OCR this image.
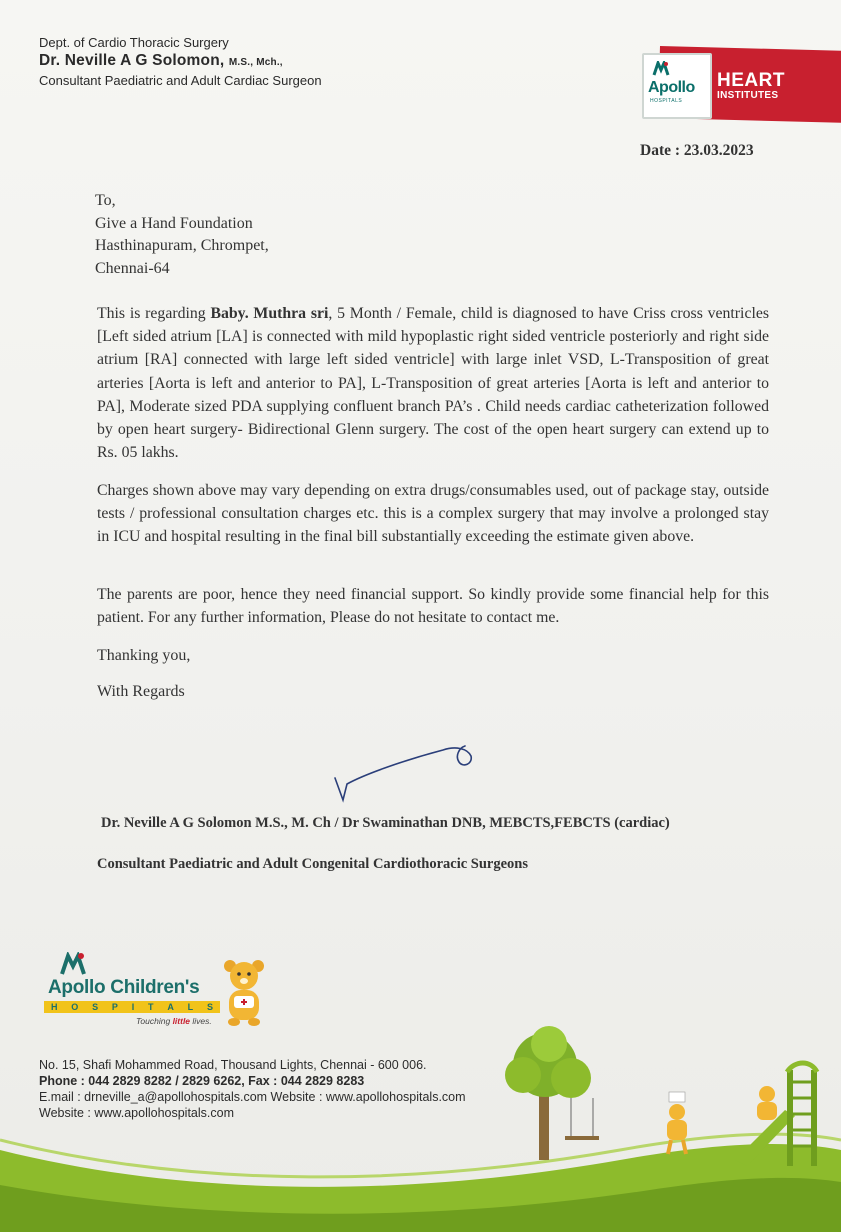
Dept. of Cardio Thoracic Surgery
Dr. Neville A G Solomon, M.S., Mch.,
Consultant Paediatric and Adult Cardiac Surgeon	Apollo
HOSPITALS
HEART
INSTITUTES
Date : 23.03.2023
To,
Give a Hand Foundation
Hasthinapuram, Chrompet,
Chennai-64

This is regarding Baby. Muthra sri, 5 Month / Female, child is diagnosed to have Criss cross ventricles [Left sided atrium [LA] is connected with mild hypoplastic right sided ventricle posteriorly and right side atrium [RA] connected with large left sided ventricle] with large inlet VSD, L-Transposition of great arteries [Aorta is left and anterior to PA], L-Transposition of great arteries [Aorta is left and anterior to PA], Moderate sized PDA supplying confluent branch PA’s . Child needs cardiac catheterization followed by open heart surgery- Bidirectional Glenn surgery. The cost of the open heart surgery can extend up to Rs. 05 lakhs.

Charges shown above may vary depending on extra drugs/consumables used, out of package stay, outside tests / professional consultation charges etc. this is a complex surgery that may involve a prolonged stay in ICU and hospital resulting in the final bill substantially exceeding the estimate given above.

The parents are poor, hence they need financial support. So kindly provide some financial help for this patient. For any further information, Please do not hesitate to contact me.

Thanking you,
With Regards
Dr. Neville A G Solomon M.S., M. Ch / Dr Swaminathan DNB, MEBCTS,FEBCTS (cardiac)
Consultant Paediatric and Adult Congenital Cardiothoracic Surgeons
Apollo Children's
H O S P I T A L S
Touching little lives.
No. 15, Shafi Mohammed Road, Thousand Lights, Chennai - 600 006.
Phone : 044 2829 8282 / 2829 6262, Fax : 044 2829 8283
E.mail : drneville_a@apollohospitals.com Website : www.apollohospitals.com
Website : www.apollohospitals.com
